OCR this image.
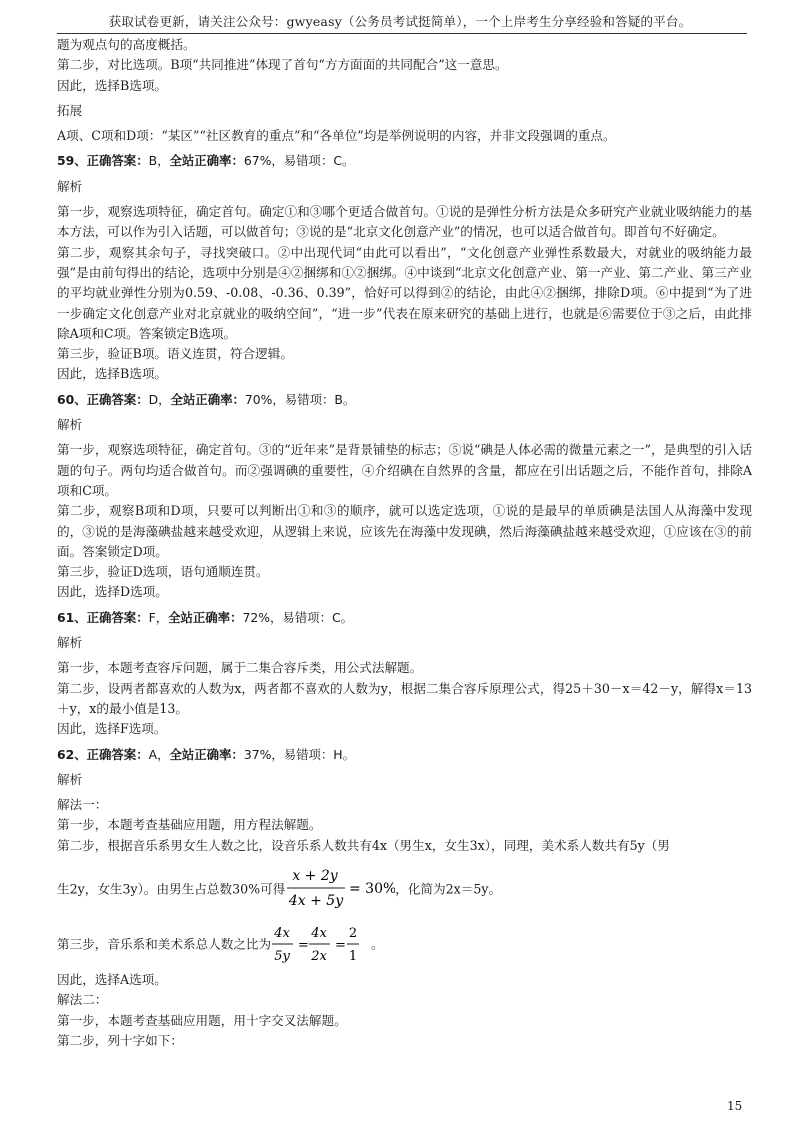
获取试卷更新，请关注公众号：gwyeasy（公务员考试挺简单），一个上岸考生分享经验和答疑的平台。

题为观点句的高度概括。

第二步，对比选项。B项“共同推进”体现了首句“方方面面的共同配合”这一意思。

因此，选择B选项。

拓展

A项、C项和D项：“某区”“社区教育的重点”和“各单位”均是举例说明的内容，并非文段强调的重点。

59、正确答案：B，全站正确率：67%，易错项：C。

解析

第一步，观察选项特征，确定首句。确定①和③哪个更适合做首句。①说的是弹性分析方法是众多研究产业就业吸纳能力的基本方法，可以作为引入话题，可以做首句；③说的是“北京文化创意产业”的情况，也可以适合做首句。即首句不好确定。

第二步，观察其余句子，寻找突破口。②中出现代词“由此可以看出”，“文化创意产业弹性系数最大，对就业的吸纳能力最强”是由前句得出的结论，选项中分别是④②捆绑和①②捆绑。④中谈到“北京文化创意产业、第一产业、第二产业、第三产业的平均就业弹性分别为0.59、-0.08、-0.36、0.39”，恰好可以得到②的结论，由此④②捆绑，排除D项。⑥中提到“为了进一步确定文化创意产业对北京就业的吸纳空间”，“进一步”代表在原来研究的基础上进行，也就是⑥需要位于③之后，由此排除A项和C项。答案锁定B选项。

第三步，验证B项。语义连贯，符合逻辑。

因此，选择B选项。

60、正确答案：D，全站正确率：70%，易错项：B。

解析

第一步，观察选项特征，确定首句。③的“近年来”是背景铺垫的标志；⑤说“碘是人体必需的微量元素之一”，是典型的引入话题的句子。两句均适合做首句。而②强调碘的重要性，④介绍碘在自然界的含量，都应在引出话题之后，不能作首句，排除A项和C项。

第二步，观察B项和D项，只要可以判断出①和③的顺序，就可以选定选项，①说的是最早的单质碘是法国人从海藻中发现的，③说的是海藻碘盐越来越受欢迎，从逻辑上来说，应该先在海藻中发现碘，然后海藻碘盐越来越受欢迎，①应该在③的前面。答案锁定D项。

第三步，验证D选项，语句通顺连贯。

因此，选择D选项。

61、正确答案：F，全站正确率：72%，易错项：C。

解析

第一步，本题考查容斥问题，属于二集合容斥类，用公式法解题。

第二步，设两者都喜欢的人数为x，两者都不喜欢的人数为y，根据二集合容斥原理公式，得25＋30－x＝42－y，解得x＝13＋y，x的最小值是13。

因此，选择F选项。

62、正确答案：A，全站正确率：37%，易错项：H。

解析

解法一：

第一步，本题考查基础应用题，用方程法解题。

第二步，根据音乐系男女生人数之比，设音乐系人数共有4x（男生x，女生3x），同理，美术系人数共有5y（男

生2y，女生3y）。由男生占总数30%可得
x + 2y
4x + 5y
= 30%
，化简为2x＝5y。
第三步，音乐系和美术系总人数之比为
4x
5y
=
4x
2x
=
2
1
。

因此，选择A选项。

解法二：

第一步，本题考查基础应用题，用十字交叉法解题。

第二步，列十字如下：

15
